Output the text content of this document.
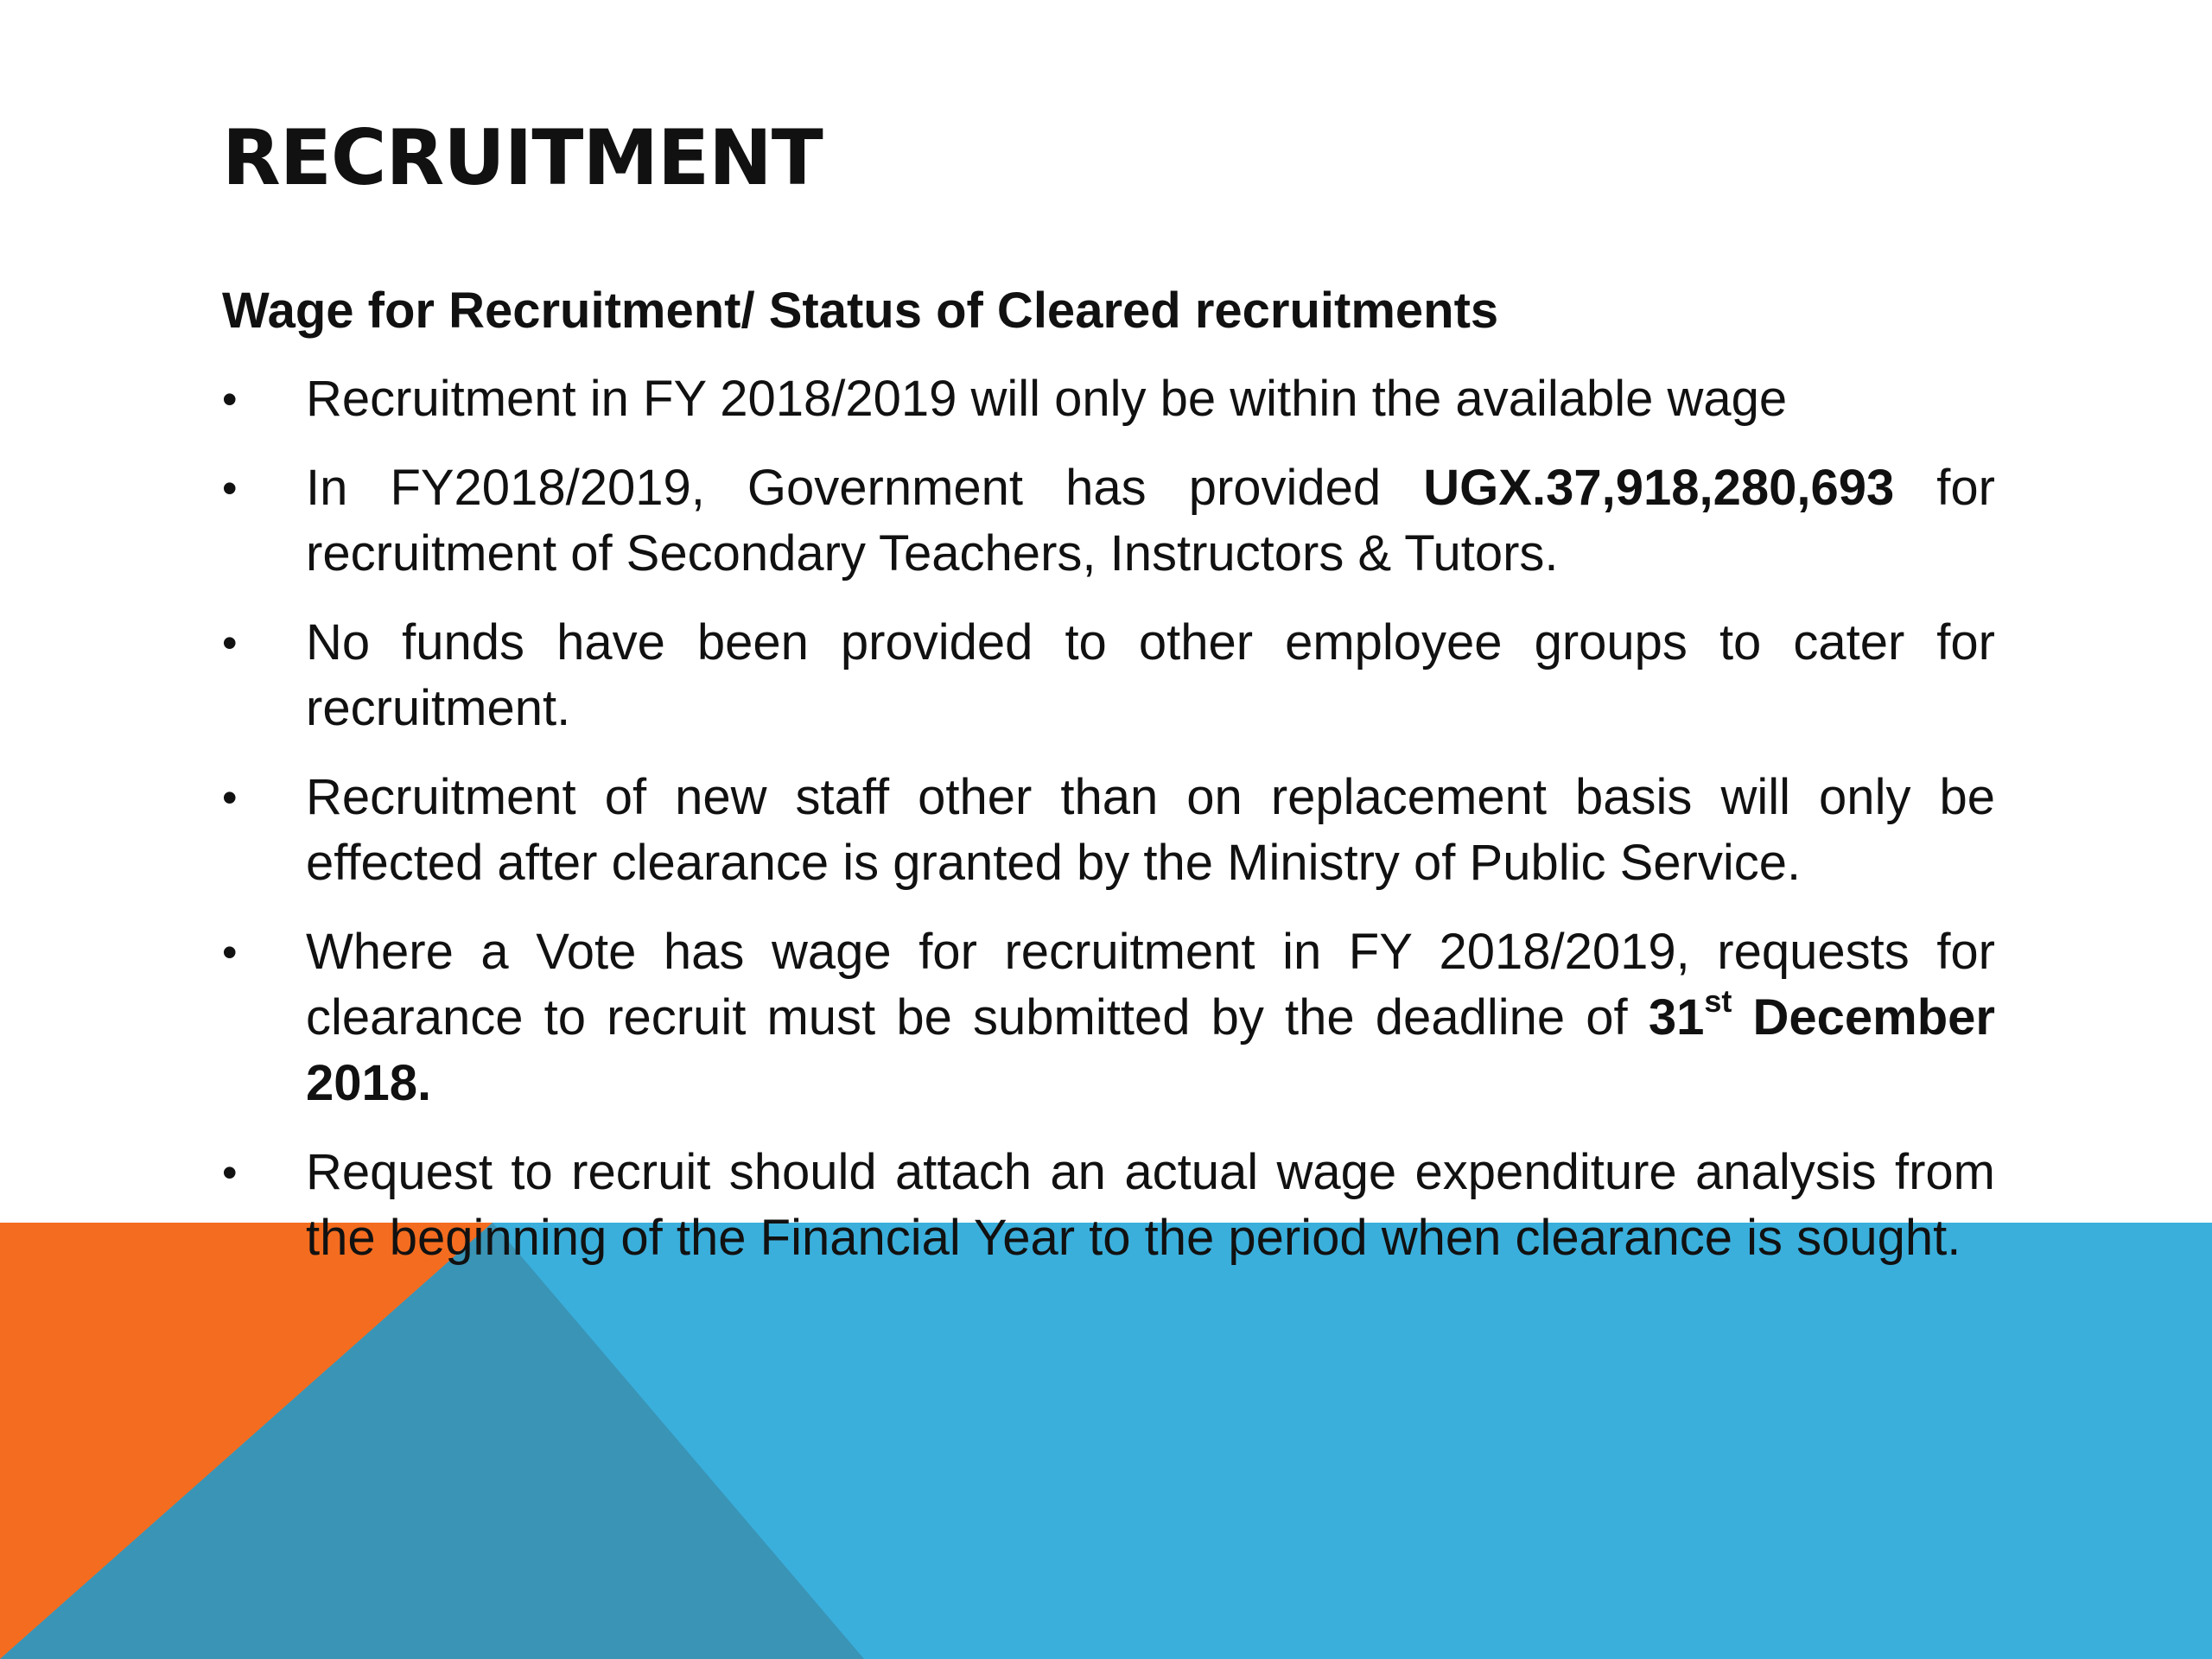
RECRUITMENT

Wage for Recruitment/ Status of Cleared recruitments

•	Recruitment in FY 2018/2019 will only be within the available wage
•	In FY2018/2019, Government has provided UGX.37,918,280,693 for recruitment of Secondary Teachers, Instructors & Tutors.
•	No funds have been provided to other employee groups to cater for recruitment.
•	Recruitment of new staff other than on replacement basis will only be effected after clearance is granted by the Ministry of Public Service.
•	Where a Vote has wage for recruitment in FY 2018/2019, requests for clearance to recruit must be submitted by the deadline of 31st December 2018.
•	Request to recruit should attach an actual wage expenditure analysis from the beginning of the Financial Year to the period when clearance is sought.
